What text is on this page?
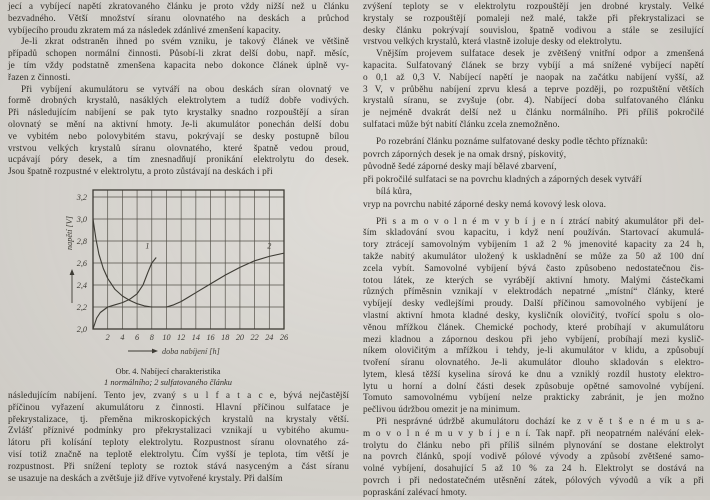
jecí a vybíjecí napětí zkratovaného článku je proto vždy nižší než u článku
bezvadného. Větší množství síranu olovnatého na deskách a průchod
vybíjecího proudu zkratem má za následek zdánlivé zmenšení kapacity.
Je-li zkrat odstraněn ihned po svém vzniku, je takový článek ve většině
případů schopen normální činnosti. Působí-li zkrat delší dobu, např. měsíc,
je tím vždy podstatně zmenšena kapacita nebo dokonce článek úplně vy-
řazen z činnosti.
Při vybíjení akumulátoru se vytváří na obou deskách síran olovnatý ve
formě drobných krystalů, nasáklých elektrolytem a tudíž dobře vodivých.
Při následujícím nabíjení se pak tyto krystalky snadno rozpouštějí a síran
olovnatý se mění na aktivní hmoty. Je-li akumulátor ponechán delší dobu
ve vybitém nebo polovybitém stavu, pokrývají se desky postupně bílou
vrstvou velkých krystalů síranu olovnatého, které špatně vedou proud,
ucpávají póry desek, a tím znesnadňují pronikání elektrolytu do desek.
Jsou špatně rozpustné v elektrolytu, a proto zůstávají na deskách i při
2 4 6 8 10 12 14 16 18 20 22 24 26
2,0
2,2
2,4
2,6
2,8
3,0
3,2
napětí [V]
doba nabíjení [h]
1	2
Obr. 4. Nabíjecí charakteristika
1 normálního; 2 sulfatovaného článku
následujícím nabíjení. Tento jev, zvaný s u l f a t a c e, bývá nejčastější
příčinou vyřazení akumulátoru z činnosti. Hlavní příčinou sulfatace je
překrystalizace, tj. přeměna mikroskopických krystalů na krystaly větší.
Zvlášť příznivé podmínky pro překrystalizaci vznikají u vybitého akumu-
látoru při kolísání teploty elektrolytu. Rozpustnost síranu olovnatého zá-
visí totiž značně na teplotě elektrolytu. Čím vyšší je teplota, tím větší je
rozpustnost. Při snížení teploty se roztok stává nasyceným a část síranu
se usazuje na deskách a zvětšuje již dříve vytvořené krystaly. Při dalším
zvýšení teploty se v elektrolytu rozpouštějí jen drobné krystaly. Velké
krystaly se rozpouštějí pomaleji než malé, takže při překrystalizaci se
desky článku pokrývají souvislou, špatně vodivou a stále se zesilující
vrstvou velkých krystalů, která vlastně izoluje desky od elektrolytu.
Vnějším projevem sulfatace desek je zvětšený vnitřní odpor a zmenšená
kapacita. Sulfatovaný článek se brzy vybíjí a má snížené vybíjecí napětí
o 0,1 až 0,3 V. Nabíjecí napětí je naopak na začátku nabíjení vyšší, až
3 V, v průběhu nabíjení zprvu klesá a teprve později, po rozpuštění větších
krystalů síranu, se zvyšuje (obr. 4). Nabíjecí doba sulfatovaného článku
je nejméně dvakrát delší než u článku normálního. Při příliš pokročilé
sulfataci může být nabití článku zcela znemožněno.
Po rozebrání článku poznáme sulfatované desky podle těchto příznaků:
povrch záporných desek je na omak drsný, pískovitý,
původně šedé záporné desky mají bělavé zbarvení,
při pokročilé sulfataci se na povrchu kladných a záporných desek vytváří
bílá kůra,
vryp na povrchu nabité záporné desky nemá kovový lesk olova.
Při s a m o v o l n é m v y b í j e n í ztrácí nabitý akumulátor při del-
ším skladování svou kapacitu, i když není používán. Startovací akumulá-
tory ztrácejí samovolným vybíjením 1 až 2 % jmenovité kapacity za 24 h,
takže nabitý akumulátor uložený k uskladnění se může za 50 až 100 dní
zcela vybít. Samovolné vybíjení bývá často způsobeno nedostatečnou čis-
totou látek, ze kterých se vyrábějí aktivní hmoty. Malými částečkami
různých příměsnin vznikají v elektrodách nepatrné „místní“ články, které
vybíjejí desky vedlejšími proudy. Další příčinou samovolného vybíjení je
vlastní aktivní hmota kladné desky, kysličník olovičitý, tvořící spolu s olo-
věnou mřížkou článek. Chemické pochody, které probíhají v akumulátoru
mezi kladnou a zápornou deskou při jeho vybíjení, probíhají mezi kyslič-
níkem olovičitým a mřížkou i tehdy, je-li akumulátor v klidu, a způsobují
tvoření síranu olovnatého. Je-li akumulátor dlouho skladován s elektro-
lytem, klesá těžší kyselina sírová ke dnu a vzniklý rozdíl hustoty elektro-
lytu u horní a dolní části desek způsobuje opětné samovolné vybíjení.
Tomuto samovolnému vybíjení nelze prakticky zabránit, je jen možno
pečlivou údržbou omezit je na minimum.
Při nesprávné údržbě akumulátoru dochází ke z v ě t š e n é m u s a-
m o v o l n é m u v y b í j e n í. Tak např. při neopatrném nalévání elek-
trolytu do článku nebo při příliš silném plynování se dostane elektrolyt
na povrch článků, spojí vodivě pólové vývody a způsobí zvětšené samo-
volné vybíjení, dosahující 5 až 10 % za 24 h. Elektrolyt se dostává na
povrch i při nedostatečném utěsnění zátek, pólových vývodů a vík a při
popraskání zalévací hmoty.
